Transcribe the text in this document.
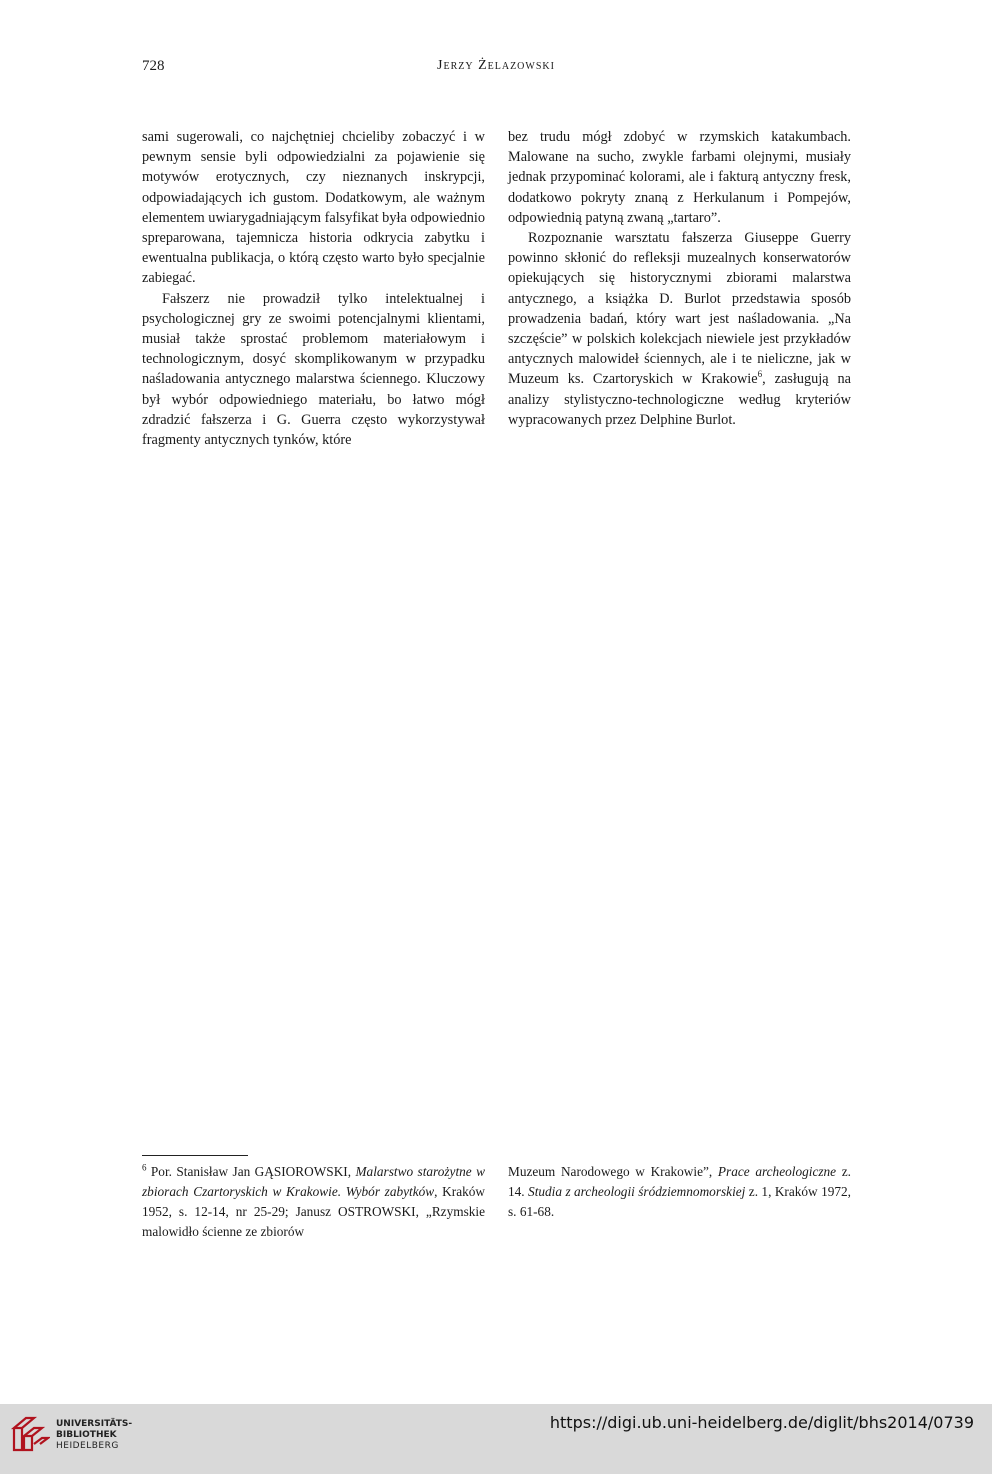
728	Jerzy Żelazowski

sami sugerowali, co najchętniej chcieliby zobaczyć i w pewnym sensie byli odpowiedzialni za pojawienie się motywów erotycznych, czy nieznanych inskrypcji, odpowiadających ich gustom. Dodatkowym, ale ważnym elementem uwiarygadniającym falsyfikat była odpowiednio spreparowana, tajemnicza historia odkrycia zabytku i ewentualna publikacja, o którą często warto było specjalnie zabiegać.

Fałszerz nie prowadził tylko intelektualnej i psychologicznej gry ze swoimi potencjalnymi klientami, musiał także sprostać problemom materiałowym i technologicznym, dosyć skomplikowanym w przypadku naśladowania antycznego malarstwa ściennego. Kluczowy był wybór odpowiedniego materiału, bo łatwo mógł zdradzić fałszerza i G. Guerra często wykorzystywał fragmenty antycznych tynków, które

bez trudu mógł zdobyć w rzymskich katakumbach. Malowane na sucho, zwykle farbami olejnymi, musiały jednak przypominać kolorami, ale i fakturą antyczny fresk, dodatkowo pokryty znaną z Herkulanum i Pompejów, odpowiednią patyną zwaną „tartaro”.

Rozpoznanie warsztatu fałszerza Giuseppe Guerry powinno skłonić do refleksji muzealnych konserwatorów opiekujących się historycznymi zbiorami malarstwa antycznego, a książka D. Burlot przedstawia sposób prowadzenia badań, który wart jest naśladowania. „Na szczęście” w polskich kolekcjach niewiele jest przykładów antycznych malowideł ściennych, ale i te nieliczne, jak w Muzeum ks. Czartoryskich w Krakowie$^6$, zasługują na analizy stylistyczno-technologiczne według kryteriów wypracowanych przez Delphine Burlot.

$^6$ Por. Stanisław Jan GĄSIOROWSKI, Malarstwo starożytne w zbiorach Czartoryskich w Krakowie. Wybór zabytków, Kraków 1952, s. 12-14, nr 25-29; Janusz OSTROWSKI, „Rzymskie malowidło ścienne ze zbiorów

Muzeum Narodowego w Krakowie”, Prace archeologiczne z. 14. Studia z archeologii śródziemnomorskiej z. 1, Kraków 1972, s. 61-68.

UNIVERSITÄTS-
BIBLIOTHEK
HEIDELBERG
https://digi.ub.uni-heidelberg.de/diglit/bhs2014/0739
